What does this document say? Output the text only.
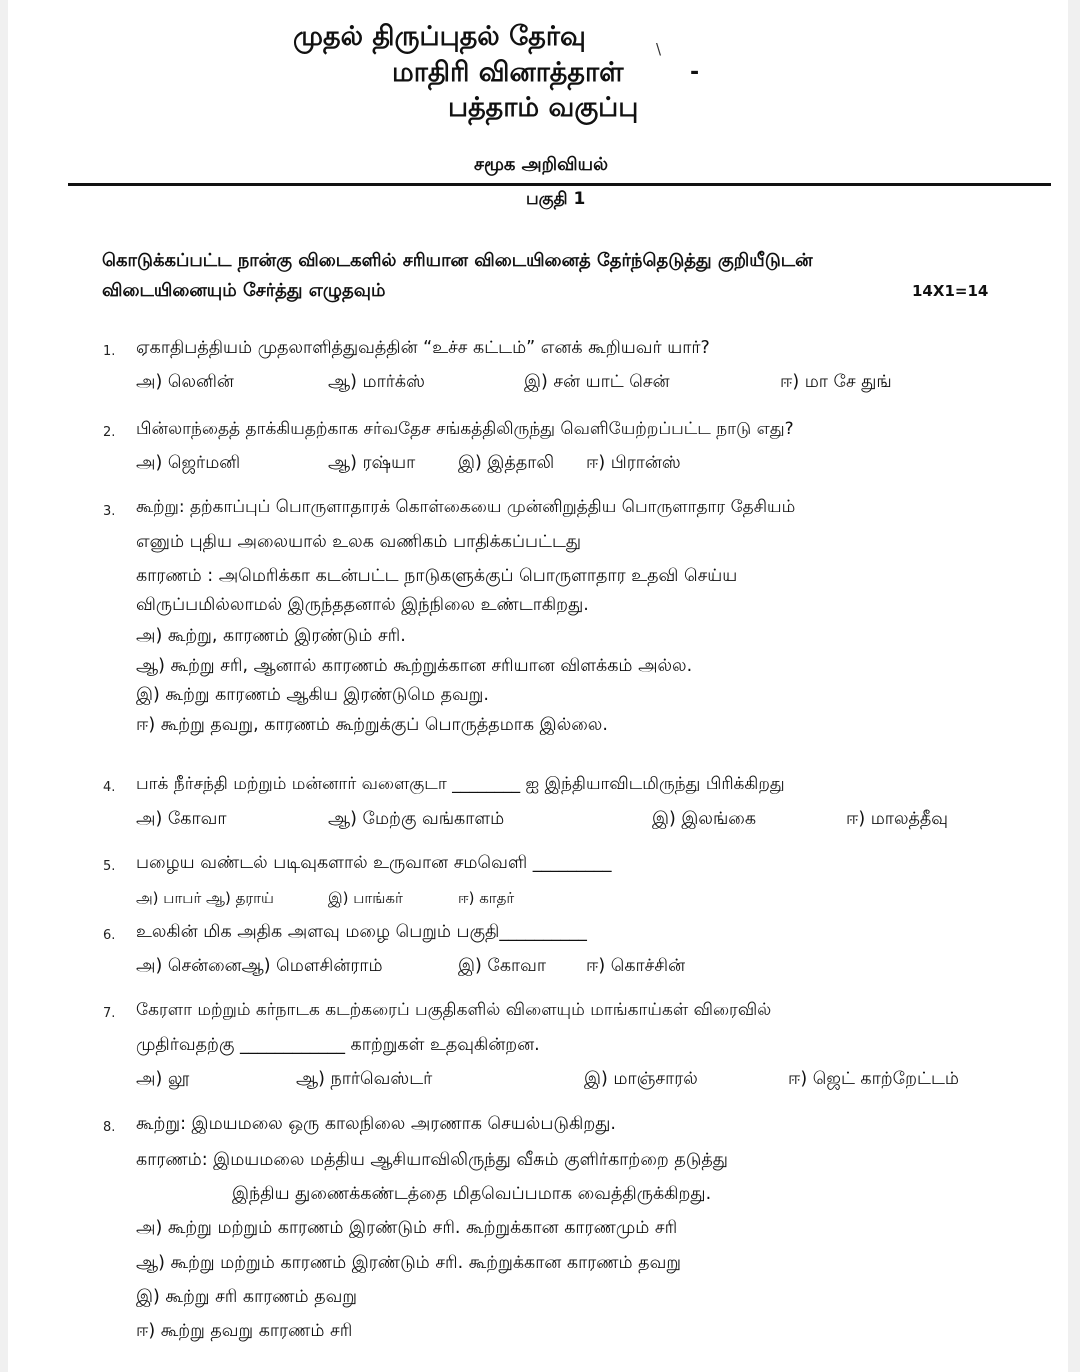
முதல் திருப்புதல் தேர்வு	\
மாதிரி வினாத்தாள்	-
பத்தாம் வகுப்பு
சமூக அறிவியல்
பகுதி 1
கொடுக்கப்பட்ட நான்கு விடைகளில் சரியான விடையினைத் தேர்ந்தெடுத்து குறியீடுடன்
விடையினையும் சேர்த்து எழுதவும்	14X1=14
1. ஏகாதிபத்தியம் முதலாளித்துவத்தின் “உச்ச கட்டம்” எனக் கூறியவர் யார்?
அ) லெனின்	ஆ) மார்க்ஸ்	இ) சன் யாட் சென்	ஈ) மா சே துங்
2. பின்லாந்தைத் தாக்கியதற்காக சர்வதேச சங்கத்திலிருந்து வெளியேற்றப்பட்ட நாடு எது?
அ) ஜெர்மனி	ஆ) ரஷ்யா இ) இத்தாலி ஈ) பிரான்ஸ்
3. கூற்று: தற்காப்புப் பொருளாதாரக் கொள்கையை முன்னிறுத்திய பொருளாதார தேசியம்
எனும் புதிய அலையால் உலக வணிகம் பாதிக்கப்பட்டது
காரணம் : அமெரிக்கா கடன்பட்ட நாடுகளுக்குப் பொருளாதார உதவி செய்ய
விருப்பமில்லாமல் இருந்ததனால் இந்நிலை உண்டாகிறது.
அ) கூற்று, காரணம் இரண்டும் சரி.
ஆ) கூற்று சரி, ஆனால் காரணம் கூற்றுக்கான சரியான விளக்கம் அல்ல.
இ) கூற்று காரணம் ஆகிய இரண்டுமெ தவறு.
ஈ) கூற்று தவறு, காரணம் கூற்றுக்குப் பொருத்தமாக இல்லை.
4. பாக் நீர்சந்தி மற்றும் மன்னார் வளைகுடா ________ ஐ இந்தியாவிடமிருந்து பிரிக்கிறது
அ) கோவா	ஆ) மேற்கு வங்காளம்	இ) இலங்கை	ஈ) மாலத்தீவு
5. பழைய வண்டல் படிவுகளால் உருவான சமவெளி _________
அ) பாபர் ஆ) தராய்	இ) பாங்கர்	ஈ) காதர்
6. உலகின் மிக அதிக அளவு மழை பெறும் பகுதி__________
அ) சென்னைஆ) மௌசின்ராம்	இ) கோவா ஈ) கொச்சின்
7. கேரளா மற்றும் கர்நாடக கடற்கரைப் பகுதிகளில் விளையும் மாங்காய்கள் விரைவில்
முதிர்வதற்கு ____________ காற்றுகள் உதவுகின்றன.
அ) லூ	ஆ) நார்வெஸ்டர்	இ) மாஞ்சாரல்	ஈ) ஜெட் காற்றேட்டம்
8. கூற்று: இமயமலை ஒரு காலநிலை அரணாக செயல்படுகிறது.
காரணம்: இமயமலை மத்திய ஆசியாவிலிருந்து வீசும் குளிர்காற்றை தடுத்து
இந்திய துணைக்கண்டத்தை மிதவெப்பமாக வைத்திருக்கிறது.
அ) கூற்று மற்றும் காரணம் இரண்டும் சரி. கூற்றுக்கான காரணமும் சரி
ஆ) கூற்று மற்றும் காரணம் இரண்டும் சரி. கூற்றுக்கான காரணம் தவறு
இ) கூற்று சரி காரணம் தவறு
ஈ) கூற்று தவறு காரணம் சரி
